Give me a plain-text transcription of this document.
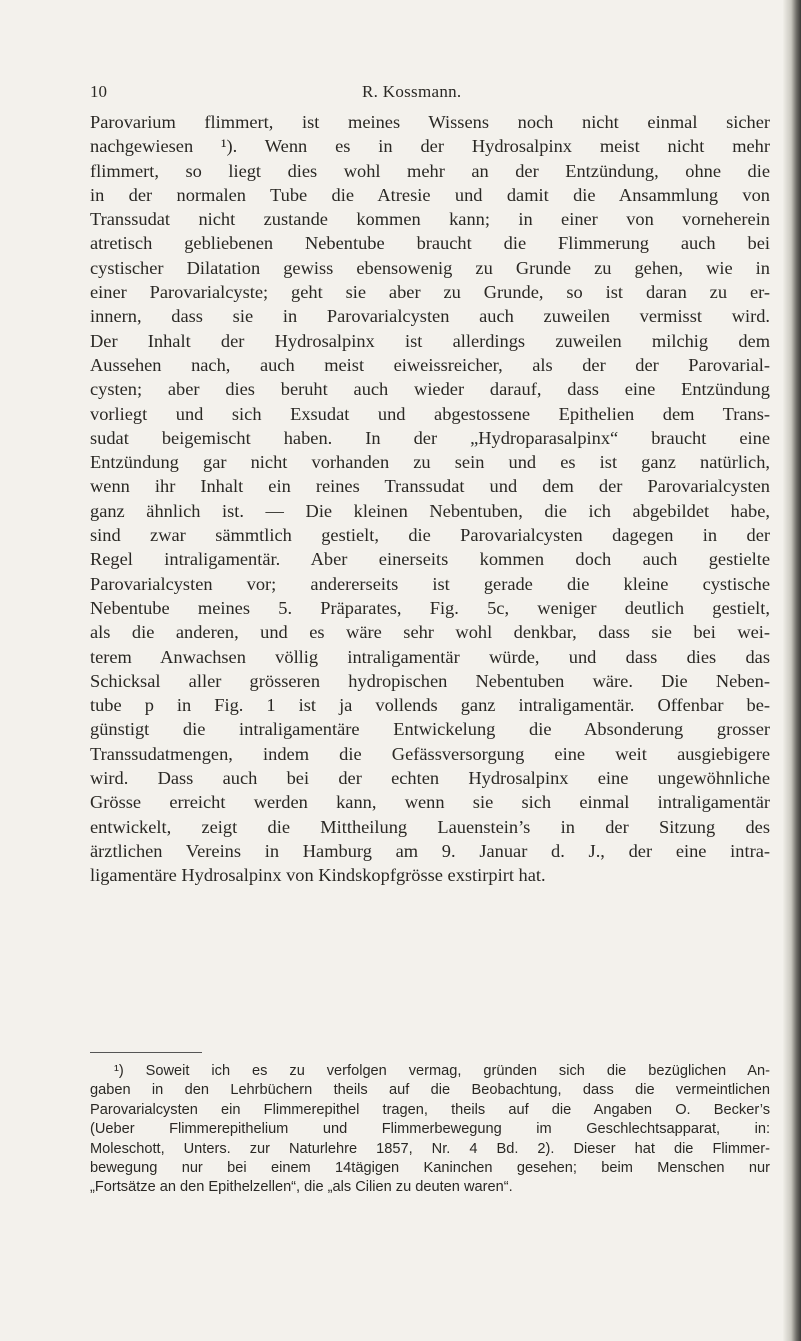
10	R. Kossmann.
Parovarium flimmert, ist meines Wissens noch nicht einmal sicher
nachgewiesen ¹). Wenn es in der Hydrosalpinx meist nicht mehr
flimmert, so liegt dies wohl mehr an der Entzündung, ohne die
in der normalen Tube die Atresie und damit die Ansammlung von
Transsudat nicht zustande kommen kann; in einer von vorneherein
atretisch gebliebenen Nebentube braucht die Flimmerung auch bei
cystischer Dilatation gewiss ebensowenig zu Grunde zu gehen, wie in
einer Parovarialcyste; geht sie aber zu Grunde, so ist daran zu er-
innern, dass sie in Parovarialcysten auch zuweilen vermisst wird.
Der Inhalt der Hydrosalpinx ist allerdings zuweilen milchig dem
Aussehen nach, auch meist eiweissreicher, als der der Parovarial-
cysten; aber dies beruht auch wieder darauf, dass eine Entzündung
vorliegt und sich Exsudat und abgestossene Epithelien dem Trans-
sudat beigemischt haben. In der „Hydroparasalpinx“ braucht eine
Entzündung gar nicht vorhanden zu sein und es ist ganz natürlich,
wenn ihr Inhalt ein reines Transsudat und dem der Parovarialcysten
ganz ähnlich ist. — Die kleinen Nebentuben, die ich abgebildet habe,
sind zwar sämmtlich gestielt, die Parovarialcysten dagegen in der
Regel intraligamentär. Aber einerseits kommen doch auch gestielte
Parovarialcysten vor; andererseits ist gerade die kleine cystische
Nebentube meines 5. Präparates, Fig. 5c, weniger deutlich gestielt,
als die anderen, und es wäre sehr wohl denkbar, dass sie bei wei-
terem Anwachsen völlig intraligamentär würde, und dass dies das
Schicksal aller grösseren hydropischen Nebentuben wäre. Die Neben-
tube p in Fig. 1 ist ja vollends ganz intraligamentär. Offenbar be-
günstigt die intraligamentäre Entwickelung die Absonderung grosser
Transsudatmengen, indem die Gefässversorgung eine weit ausgiebigere
wird. Dass auch bei der echten Hydrosalpinx eine ungewöhnliche
Grösse erreicht werden kann, wenn sie sich einmal intraligamentär
entwickelt, zeigt die Mittheilung Lauenstein’s in der Sitzung des
ärztlichen Vereins in Hamburg am 9. Januar d. J., der eine intra-
ligamentäre Hydrosalpinx von Kindskopfgrösse exstirpirt hat.
¹) Soweit ich es zu verfolgen vermag, gründen sich die bezüglichen An-
gaben in den Lehrbüchern theils auf die Beobachtung, dass die vermeintlichen
Parovarialcysten ein Flimmerepithel tragen, theils auf die Angaben O. Becker’s
(Ueber Flimmerepithelium und Flimmerbewegung im Geschlechtsapparat, in:
Moleschott, Unters. zur Naturlehre 1857, Nr. 4 Bd. 2). Dieser hat die Flimmer-
bewegung nur bei einem 14tägigen Kaninchen gesehen; beim Menschen nur
„Fortsätze an den Epithelzellen“, die „als Cilien zu deuten waren“.
